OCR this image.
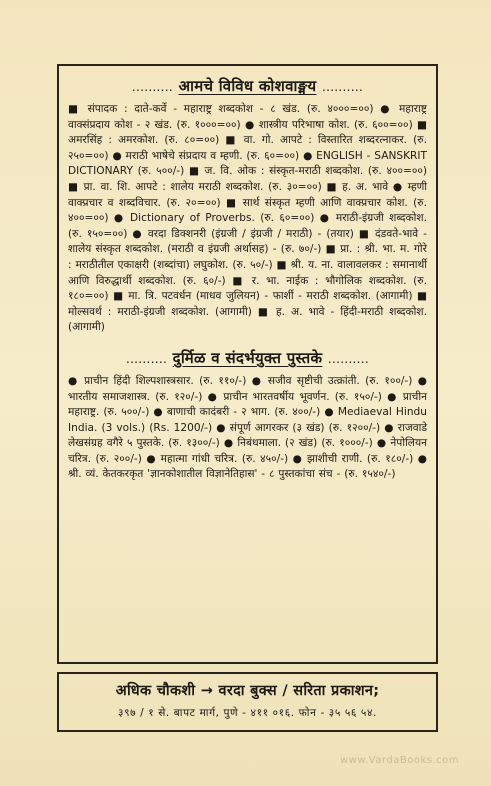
.......... आमचे विविध कोशवाङ्मय ..........

■ संपादक : दाते-कर्वे - महाराष्ट्र शब्दकोश - ८ खंड. (रु. ४०००=००) ● महाराष्ट्र वाक्संप्रदाय कोश - २ खंड. (रु. १०००=००) ● शास्त्रीय परिभाषा कोश. (रु. ६००=००) ■ अमरसिंह : अमरकोश. (रु. ८०=००) ■ वा. गो. आपटे : विस्तारित शब्दरत्नाकर. (रु. २५०=००) ● मराठी भाषेचे संप्रदाय व म्हणी. (रु. ६०=००) ● ENGLISH - SANSKRIT DICTIONARY (रु. ५००/-) ■ ज. वि. ओक : संस्कृत-मराठी शब्दकोश. (रु. ४००=००) ■ प्रा. वा. शि. आपटे : शालेय मराठी शब्दकोश. (रु. ३०=००) ■ ह. अ. भावे ● म्हणी वाक्प्रचार व शब्दविचार. (रु. २०=००) ■ सार्थ संस्कृत म्हणी आणि वाक्प्रचार कोश. (रु. ४००=००) ● Dictionary of Proverbs. (रु. ६०=००) ● मराठी-इंग्रजी शब्दकोश. (रु. १५०=००) ● वरदा डिक्शनरी (इंग्रजी / इंग्रजी / मराठी) - (तयार) ■ दंडवते-भावे - शालेय संस्कृत शब्दकोश. (मराठी व इंग्रजी अर्थासह) - (रु. ७०/-) ■ प्रा. : श्री. भा. म. गोरे : मराठीतील एकाक्षरी (शब्दांचा) लघुकोश. (रु. ५०/-) ■ श्री. य. ना. वालावलकर : समानार्थी आणि विरुद्धार्थी शब्दकोश. (रु. ६०/-) ■ र. भा. नाईक : भौगोलिक शब्दकोश. (रु. १८०=००) ■ मा. त्रि. पटवर्धन (माधव जुलियन) - फार्शी - मराठी शब्दकोश. (आगामी) ■ मोल्सवर्थ : मराठी-इंग्रजी शब्दकोश. (आगामी) ■ ह. अ. भावे - हिंदी-मराठी शब्दकोश. (आगामी)

.......... दुर्मिळ व संदर्भयुक्त पुस्तके ..........

● प्राचीन हिंदी शिल्पशास्त्रसार. (रु. ११०/-) ● सजीव सृष्टीची उत्क्रांती. (रु. १००/-) ● भारतीय समाजशास्त्र. (रु. १२०/-) ● प्राचीन भारतवर्षीय भूवर्णन. (रु. १५०/-) ● प्राचीन महाराष्ट्र. (रु. ५००/-) ● बाणाची कादंबरी - २ भाग. (रु. ४००/-) ● Mediaeval Hindu India. (3 vols.) (Rs. 1200/-) ● संपूर्ण आगरकर (३ खंड) (रु. १२००/-) ● राजवाडे लेखसंग्रह वगैरे ५ पुस्तके. (रु. १३००/-) ● निबंधमाला. (२ खंड) (रु. १०००/-) ● नेपोलियन चरित्र. (रु. २००/-) ● महात्मा गांधी चरित्र. (रु. ४५०/-) ● झाशीची राणी. (रु. १८०/-) ● श्री. व्यं. केतकरकृत 'ज्ञानकोशातील विज्ञानेतिहास' - ८ पुस्तकांचा संच - (रु. १५४०/-)

अधिक चौकशी → वरदा बुक्स / सरिता प्रकाशन;
३९७ / १ से. बापट मार्ग, पुणे - ४११ ०१६. फोन - ३५ ५६ ५४.
www.VardaBooks.com
